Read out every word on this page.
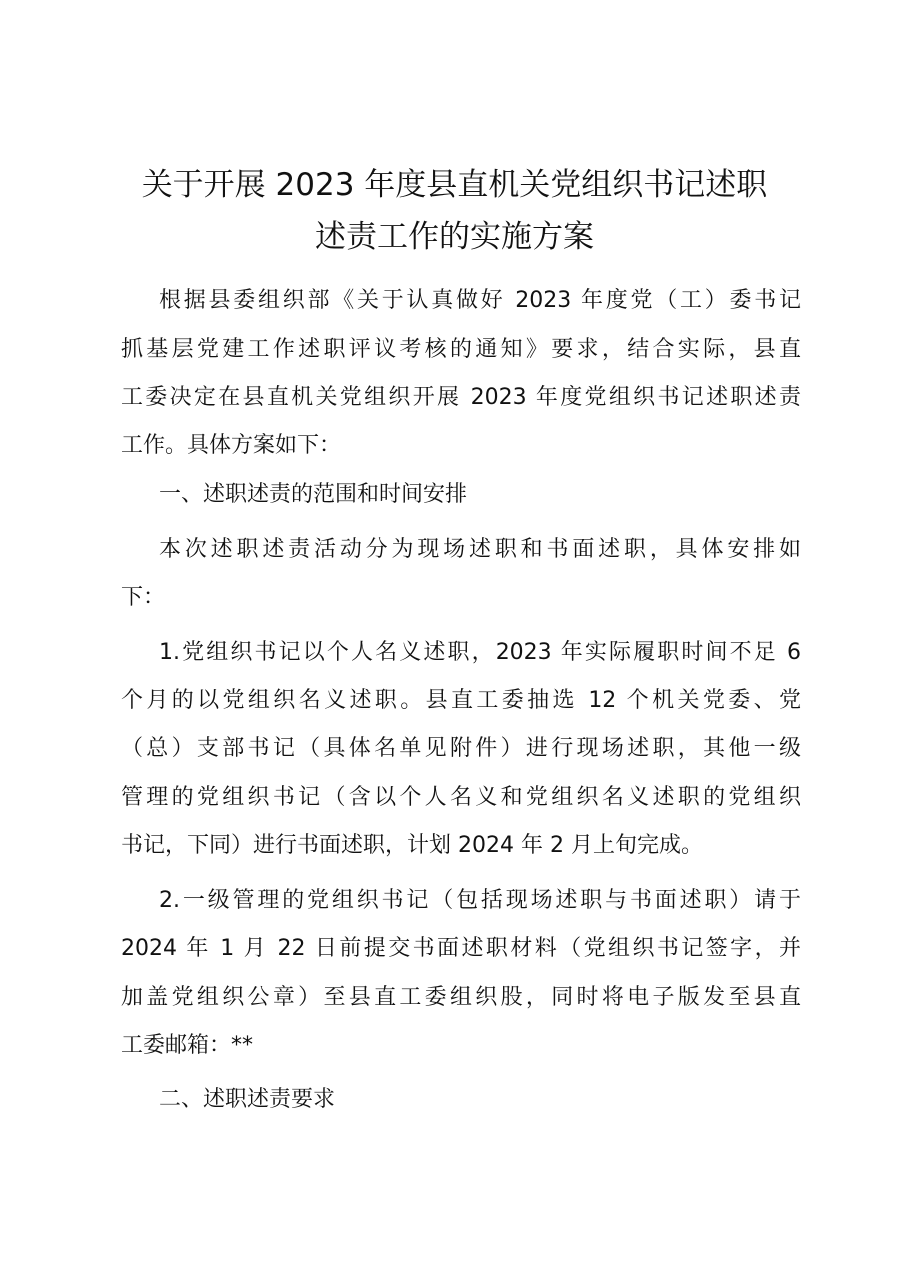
关于开展 2023 年度县直机关党组织书记述职
述责工作的实施方案
根据县委组织部《关于认真做好 2023 年度党（工）委书记
抓基层党建工作述职评议考核的通知》要求，结合实际，县直
工委决定在县直机关党组织开展 2023 年度党组织书记述职述责
工作。具体方案如下：
一、述职述责的范围和时间安排
本次述职述责活动分为现场述职和书面述职，具体安排如
下：
1.党组织书记以个人名义述职，2023 年实际履职时间不足 6
个月的以党组织名义述职。县直工委抽选 12 个机关党委、党
（总）支部书记（具体名单见附件）进行现场述职，其他一级
管理的党组织书记（含以个人名义和党组织名义述职的党组织
书记，下同）进行书面述职，计划 2024 年 2 月上旬完成。
2.一级管理的党组织书记（包括现场述职与书面述职）请于
2024 年 1 月 22 日前提交书面述职材料（党组织书记签字，并
加盖党组织公章）至县直工委组织股，同时将电子版发至县直
工委邮箱：**
二、述职述责要求
